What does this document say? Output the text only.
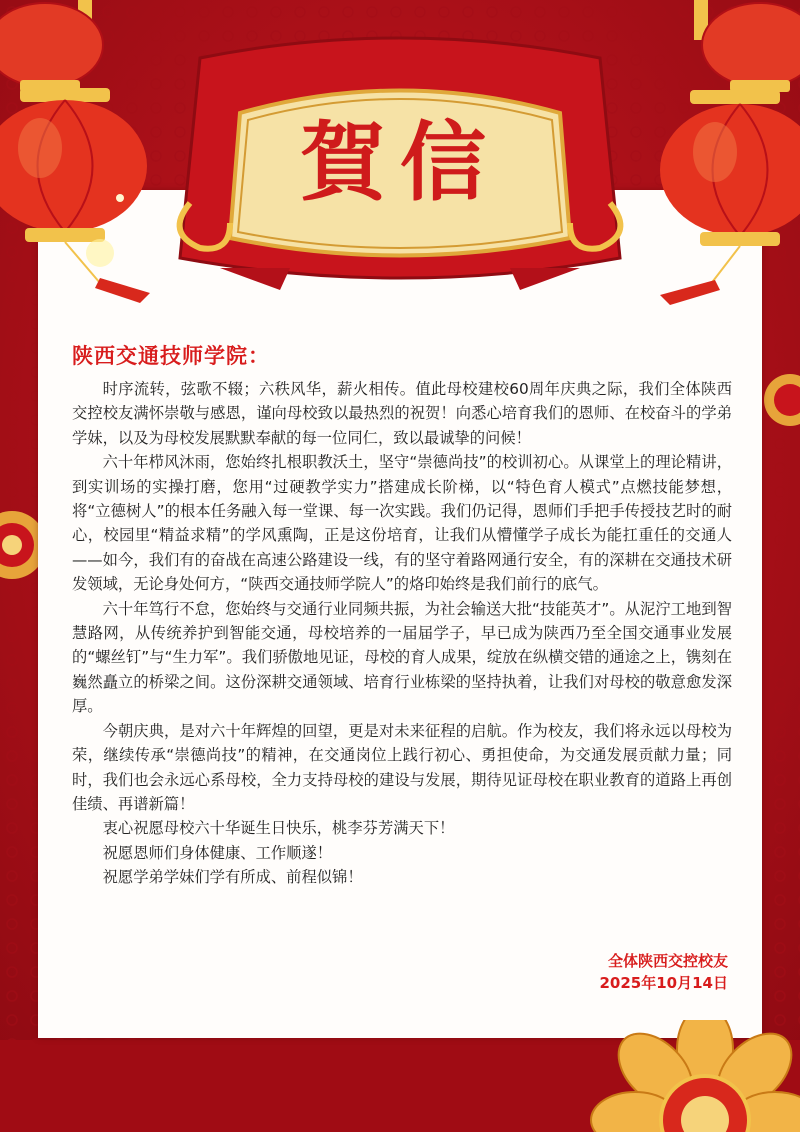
賀信
陕西交通技师学院：

时序流转，弦歌不辍；六秩风华，薪火相传。值此母校建校60周年庆典之际，我们全体陕西交控校友满怀崇敬与感恩，谨向母校致以最热烈的祝贺！向悉心培育我们的恩师、在校奋斗的学弟学妹，以及为母校发展默默奉献的每一位同仁，致以最诚挚的问候！

六十年栉风沐雨，您始终扎根职教沃土，坚守“崇德尚技”的校训初心。从课堂上的理论精讲，到实训场的实操打磨，您用“过硬教学实力”搭建成长阶梯，以“特色育人模式”点燃技能梦想，将“立德树人”的根本任务融入每一堂课、每一次实践。我们仍记得，恩师们手把手传授技艺时的耐心，校园里“精益求精”的学风熏陶，正是这份培育，让我们从懵懂学子成长为能扛重任的交通人——如今，我们有的奋战在高速公路建设一线，有的坚守着路网通行安全，有的深耕在交通技术研发领域，无论身处何方，“陕西交通技师学院人”的烙印始终是我们前行的底气。

六十年笃行不怠，您始终与交通行业同频共振，为社会输送大批“技能英才”。从泥泞工地到智慧路网，从传统养护到智能交通，母校培养的一届届学子，早已成为陕西乃至全国交通事业发展的“螺丝钉”与“生力军”。我们骄傲地见证，母校的育人成果，绽放在纵横交错的通途之上，镌刻在巍然矗立的桥梁之间。这份深耕交通领域、培育行业栋梁的坚持执着，让我们对母校的敬意愈发深厚。

今朝庆典，是对六十年辉煌的回望，更是对未来征程的启航。作为校友，我们将永远以母校为荣，继续传承“崇德尚技”的精神，在交通岗位上践行初心、勇担使命，为交通发展贡献力量；同时，我们也会永远心系母校，全力支持母校的建设与发展，期待见证母校在职业教育的道路上再创佳绩、再谱新篇！

衷心祝愿母校六十华诞生日快乐，桃李芬芳满天下！

祝愿恩师们身体健康、工作顺遂！

祝愿学弟学妹们学有所成、前程似锦！

全体陕西交控校友
2025年10月14日
